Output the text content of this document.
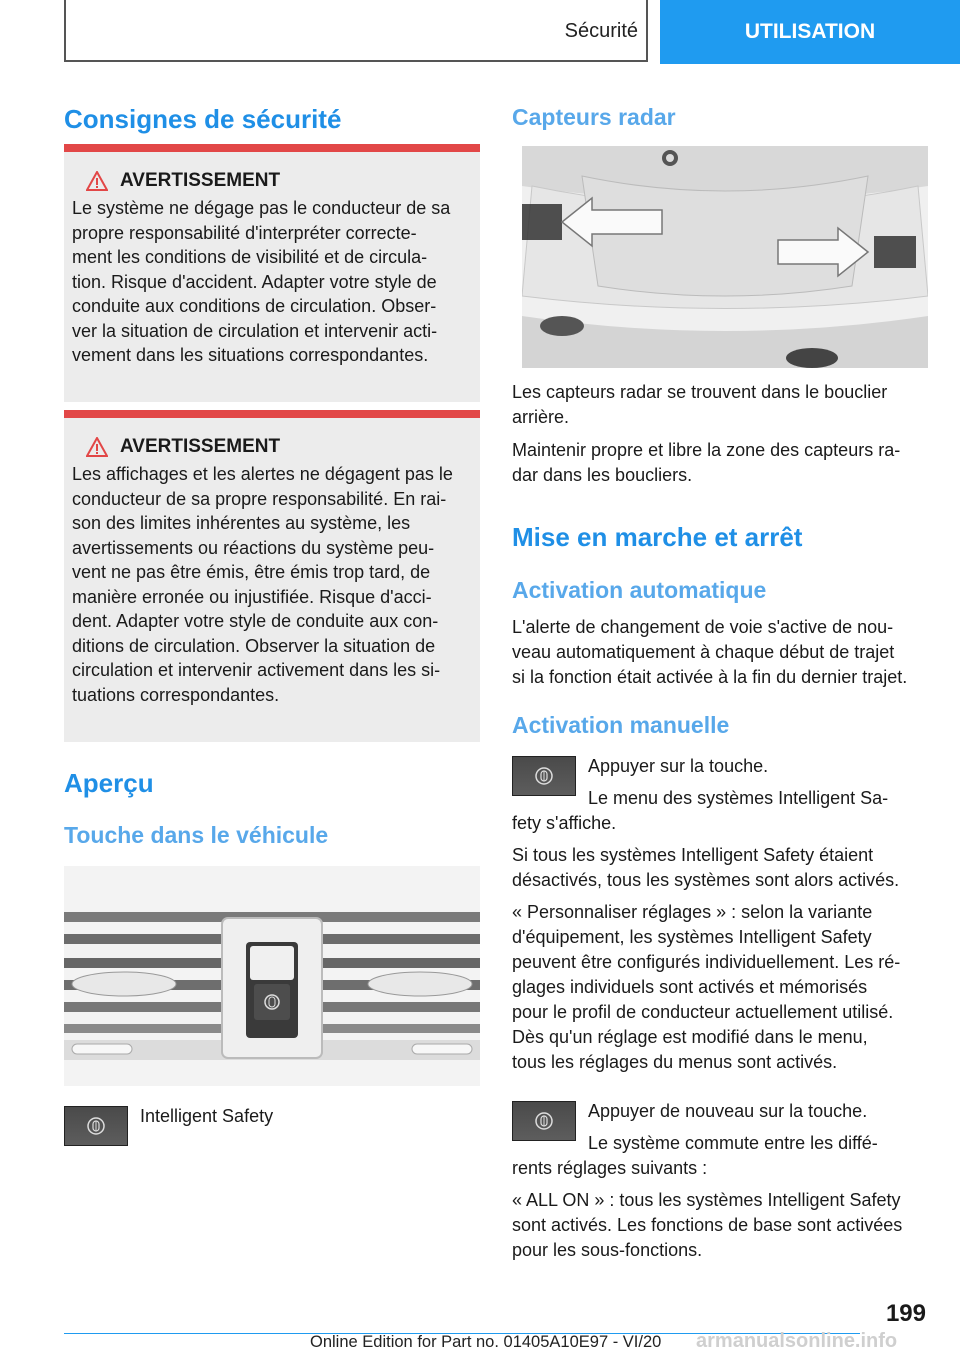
Sécurité	UTILISATION
Consignes de sécurité
AVERTISSEMENT

Le système ne dégage pas le conducteur de sa

propre responsabilité d'interpréter correcte-

ment les conditions de visibilité et de circula-

tion. Risque d'accident. Adapter votre style de

conduite aux conditions de circulation. Obser-

ver la situation de circulation et intervenir acti-

vement dans les situations correspondantes.

AVERTISSEMENT

Les affichages et les alertes ne dégagent pas le

conducteur de sa propre responsabilité. En rai-

son des limites inhérentes au système, les

avertissements ou réactions du système peu-

vent ne pas être émis, être émis trop tard, de

manière erronée ou injustifiée. Risque d'acci-

dent. Adapter votre style de conduite aux con-

ditions de circulation. Observer la situation de

circulation et intervenir activement dans les si-

tuations correspondantes.

Aperçu
Touche dans le véhicule

Intelligent Safety

Capteurs radar

Les capteurs radar se trouvent dans le bouclier

arrière.

Maintenir propre et libre la zone des capteurs ra-

dar dans les boucliers.

Mise en marche et arrêt
Activation automatique

L'alerte de changement de voie s'active de nou-

veau automatiquement à chaque début de trajet

si la fonction était activée à la fin du dernier trajet.

Activation manuelle

Appuyer sur la touche.

Le menu des systèmes Intelligent Sa-

fety s'affiche.

Si tous les systèmes Intelligent Safety étaient

désactivés, tous les systèmes sont alors activés.

« Personnaliser réglages » : selon la variante

d'équipement, les systèmes Intelligent Safety

peuvent être configurés individuellement. Les ré-

glages individuels sont activés et mémorisés

pour le profil de conducteur actuellement utilisé.

Dès qu'un réglage est modifié dans le menu,

tous les réglages du menus sont activés.

Appuyer de nouveau sur la touche.

Le système commute entre les diffé-

rents réglages suivants :

« ALL ON » : tous les systèmes Intelligent Safety

sont activés. Les fonctions de base sont activées

pour les sous-fonctions.

199
Online Edition for Part no. 01405A10E97 - VI/20 armanualsonline.info
